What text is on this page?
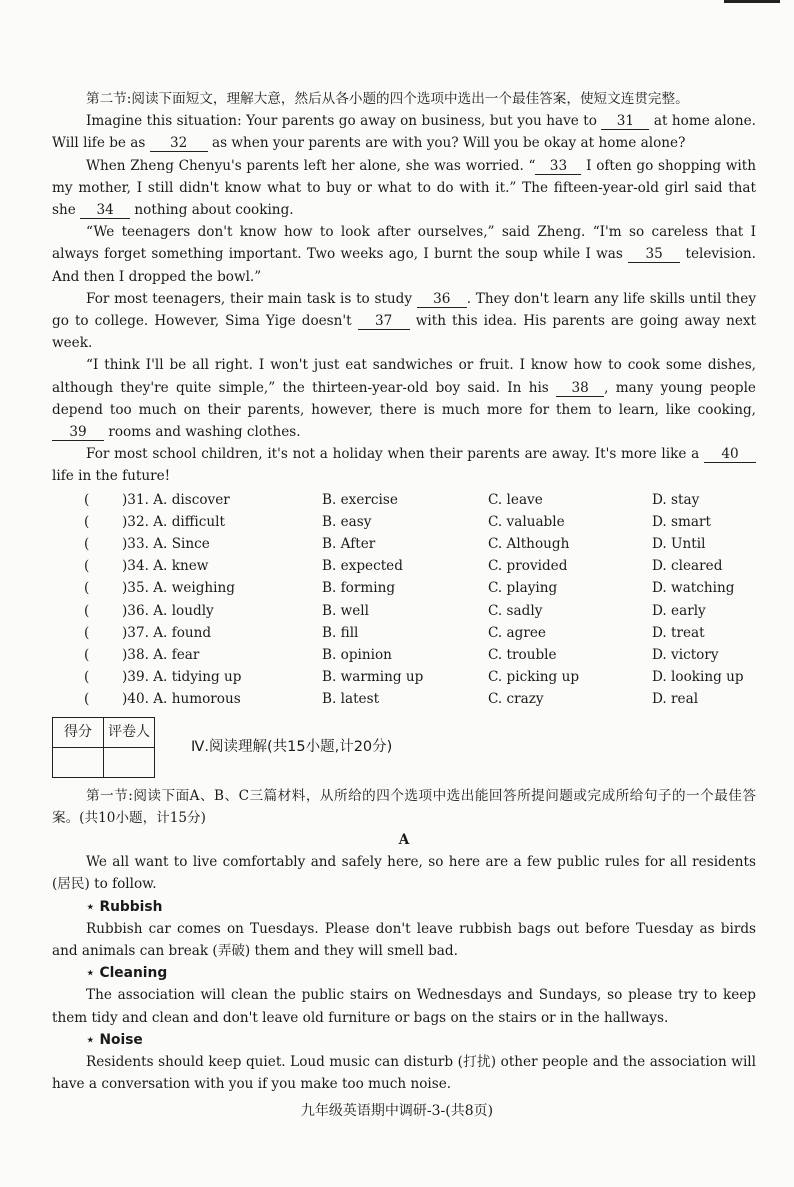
第二节:阅读下面短文，理解大意，然后从各小题的四个选项中选出一个最佳答案，使短文连贯完整。

Imagine this situation: Your parents go away on business, but you have to 31 at home alone. Will life be as 32 as when your parents are with you? Will you be okay at home alone?

When Zheng Chenyu's parents left her alone, she was worried. “ 33 I often go shopping with my mother, I still didn't know what to buy or what to do with it.” The fifteen-year-old girl said that she 34 nothing about cooking.

“We teenagers don't know how to look after ourselves,” said Zheng. “I'm so careless that I always forget something important. Two weeks ago, I burnt the soup while I was 35 television. And then I dropped the bowl.”

For most teenagers, their main task is to study 36 . They don't learn any life skills until they go to college. However, Sima Yige doesn't 37 with this idea. His parents are going away next week.

“I think I'll be all right. I won't just eat sandwiches or fruit. I know how to cook some dishes, although they're quite simple,” the thirteen-year-old boy said. In his 38 , many young people depend too much on their parents, however, there is much more for them to learn, like cooking, 39 rooms and washing clothes.

For most school children, it's not a holiday when their parents are away. It's more like a 40 life in the future!

(	)31. A. discover	B. exercise	C. leave	D. stay
(	)32. A. difficult	B. easy	C. valuable	D. smart
(	)33. A. Since	B. After	C. Although	D. Until
(	)34. A. knew	B. expected	C. provided	D. cleared
(	)35. A. weighing	B. forming	C. playing	D. watching
(	)36. A. loudly	B. well	C. sadly	D. early
(	)37. A. found	B. fill	C. agree	D. treat
(	)38. A. fear	B. opinion	C. trouble	D. victory
(	)39. A. tidying up	B. warming up	C. picking up	D. looking up
(	)40. A. humorous	B. latest	C. crazy	D. real
得分	评卷人

Ⅳ.阅读理解(共15小题,计20分)

第一节:阅读下面A、B、C三篇材料，从所给的四个选项中选出能回答所提问题或完成所给句子的一个最佳答案。(共10小题，计15分)

A

We all want to live comfortably and safely here, so here are a few public rules for all residents (居民) to follow.

⋆ Rubbish

Rubbish car comes on Tuesdays. Please don't leave rubbish bags out before Tuesday as birds and animals can break (弄破) them and they will smell bad.

⋆ Cleaning

The association will clean the public stairs on Wednesdays and Sundays, so please try to keep them tidy and clean and don't leave old furniture or bags on the stairs or in the hallways.

⋆ Noise

Residents should keep quiet. Loud music can disturb (打扰) other people and the association will have a conversation with you if you make too much noise.

九年级英语期中调研-3-(共8页)
